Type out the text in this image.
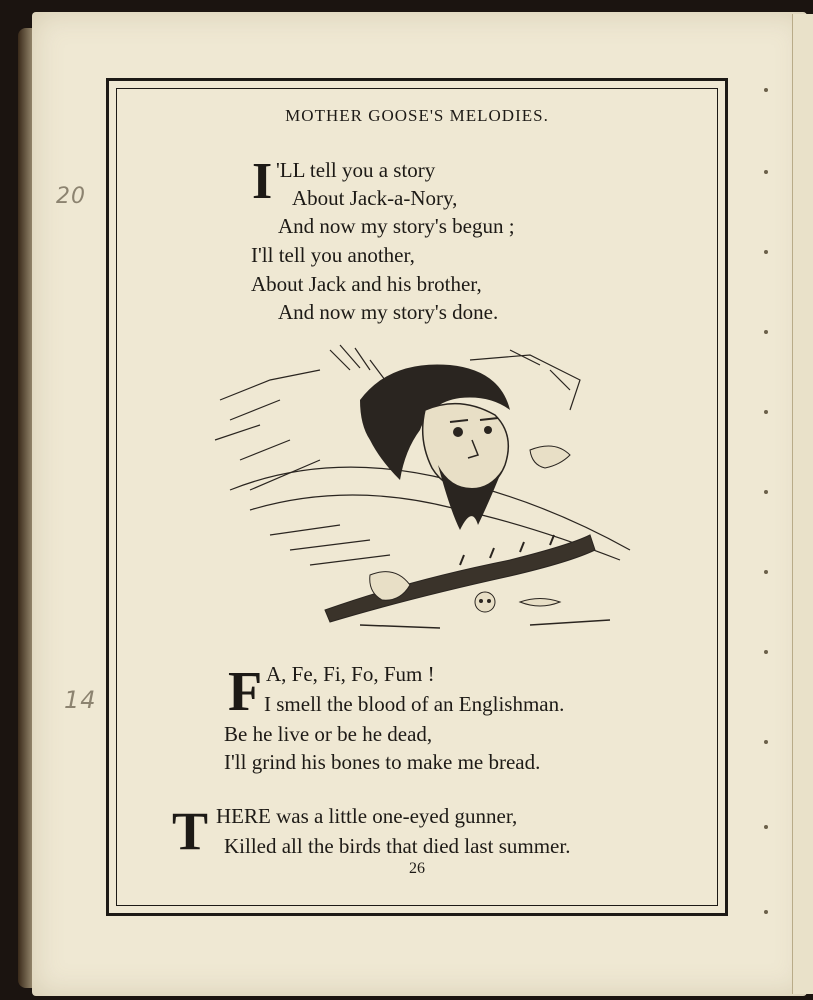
20
14
MOTHER GOOSE'S MELODIES.
I 'LL tell you a story
About Jack-a-Nory,
And now my story's begun ;
I'll tell you another,
About Jack and his brother,
And now my story's done.
F A, Fe, Fi, Fo, Fum !
I smell the blood of an Englishman.
Be he live or be he dead,
I'll grind his bones to make me bread.
T HERE was a little one-eyed gunner,
Killed all the birds that died last summer.
26
